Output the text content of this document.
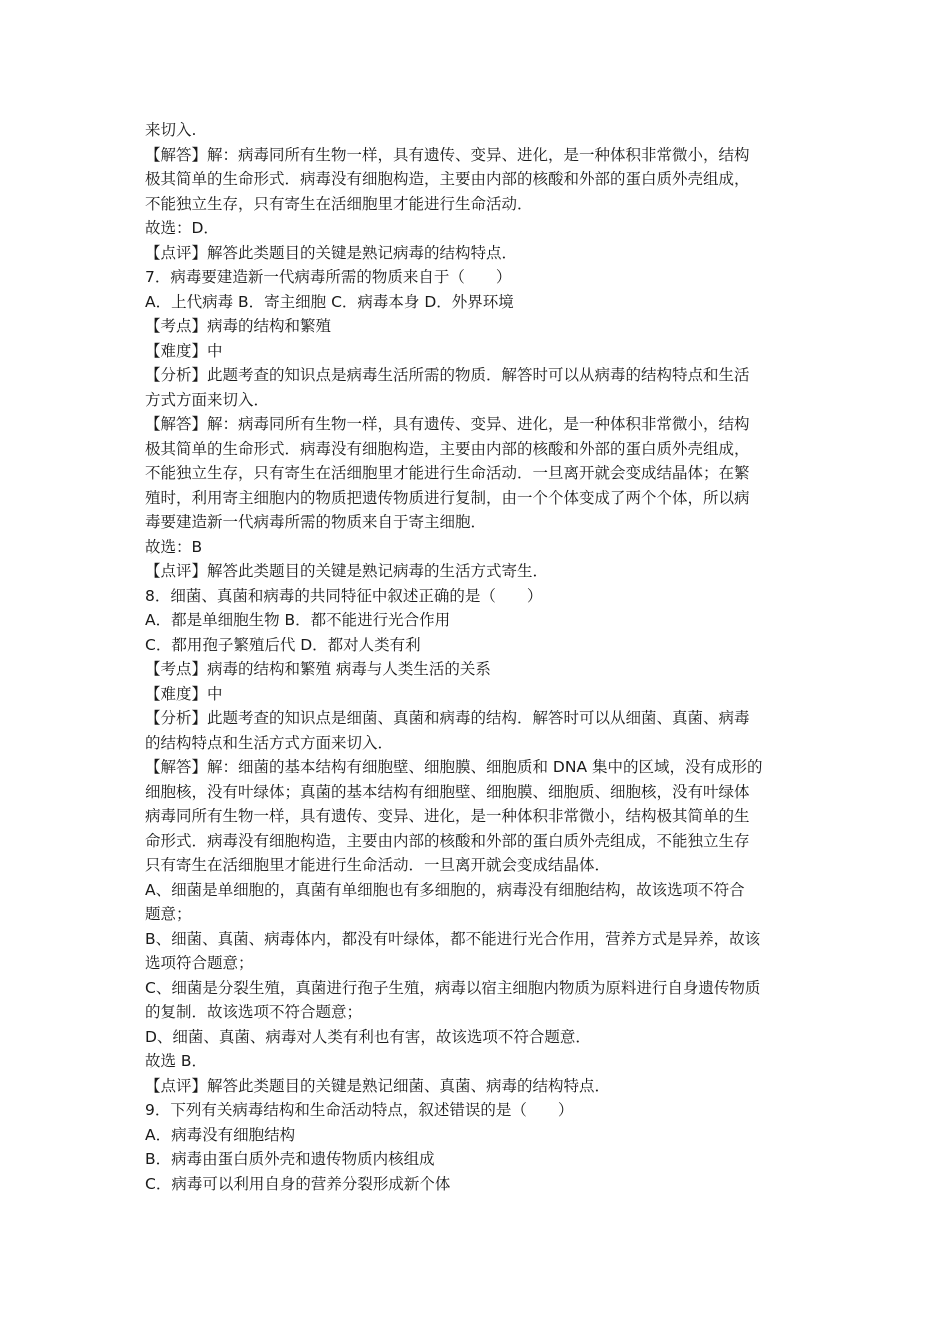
来切入.
【解答】解：病毒同所有生物一样，具有遗传、变异、进化，是一种体积非常微小，结构
极其简单的生命形式．病毒没有细胞构造，主要由内部的核酸和外部的蛋白质外壳组成，
不能独立生存，只有寄生在活细胞里才能进行生命活动．
故选：D．
【点评】解答此类题目的关键是熟记病毒的结构特点．
7．病毒要建造新一代病毒所需的物质来自于（　　）
A．上代病毒 B．寄主细胞 C．病毒本身 D．外界环境
【考点】病毒的结构和繁殖
【难度】中
【分析】此题考查的知识点是病毒生活所需的物质．解答时可以从病毒的结构特点和生活
方式方面来切入．
【解答】解：病毒同所有生物一样，具有遗传、变异、进化，是一种体积非常微小，结构
极其简单的生命形式．病毒没有细胞构造，主要由内部的核酸和外部的蛋白质外壳组成，
不能独立生存，只有寄生在活细胞里才能进行生命活动．一旦离开就会变成结晶体；在繁
殖时，利用寄主细胞内的物质把遗传物质进行复制，由一个个体变成了两个个体，所以病
毒要建造新一代病毒所需的物质来自于寄主细胞．
故选：B
【点评】解答此类题目的关键是熟记病毒的生活方式寄生．
8．细菌、真菌和病毒的共同特征中叙述正确的是（　　）
A．都是单细胞生物 B．都不能进行光合作用
C．都用孢子繁殖后代 D．都对人类有利
【考点】病毒的结构和繁殖 病毒与人类生活的关系
【难度】中
【分析】此题考查的知识点是细菌、真菌和病毒的结构．解答时可以从细菌、真菌、病毒
的结构特点和生活方式方面来切入．
【解答】解：细菌的基本结构有细胞壁、细胞膜、细胞质和 DNA 集中的区域，没有成形的
细胞核，没有叶绿体；真菌的基本结构有细胞壁、细胞膜、细胞质、细胞核，没有叶绿体
病毒同所有生物一样，具有遗传、变异、进化，是一种体积非常微小，结构极其简单的生
命形式．病毒没有细胞构造，主要由内部的核酸和外部的蛋白质外壳组成，不能独立生存
只有寄生在活细胞里才能进行生命活动．一旦离开就会变成结晶体．
A、细菌是单细胞的，真菌有单细胞也有多细胞的，病毒没有细胞结构，故该选项不符合
题意；
B、细菌、真菌、病毒体内，都没有叶绿体，都不能进行光合作用，营养方式是异养，故该
选项符合题意；
C、细菌是分裂生殖，真菌进行孢子生殖，病毒以宿主细胞内物质为原料进行自身遗传物质
的复制．故该选项不符合题意；
D、细菌、真菌、病毒对人类有利也有害，故该选项不符合题意．
故选 B．
【点评】解答此类题目的关键是熟记细菌、真菌、病毒的结构特点．
9．下列有关病毒结构和生命活动特点，叙述错误的是（　　）
A．病毒没有细胞结构
B．病毒由蛋白质外壳和遗传物质内核组成
C．病毒可以利用自身的营养分裂形成新个体
